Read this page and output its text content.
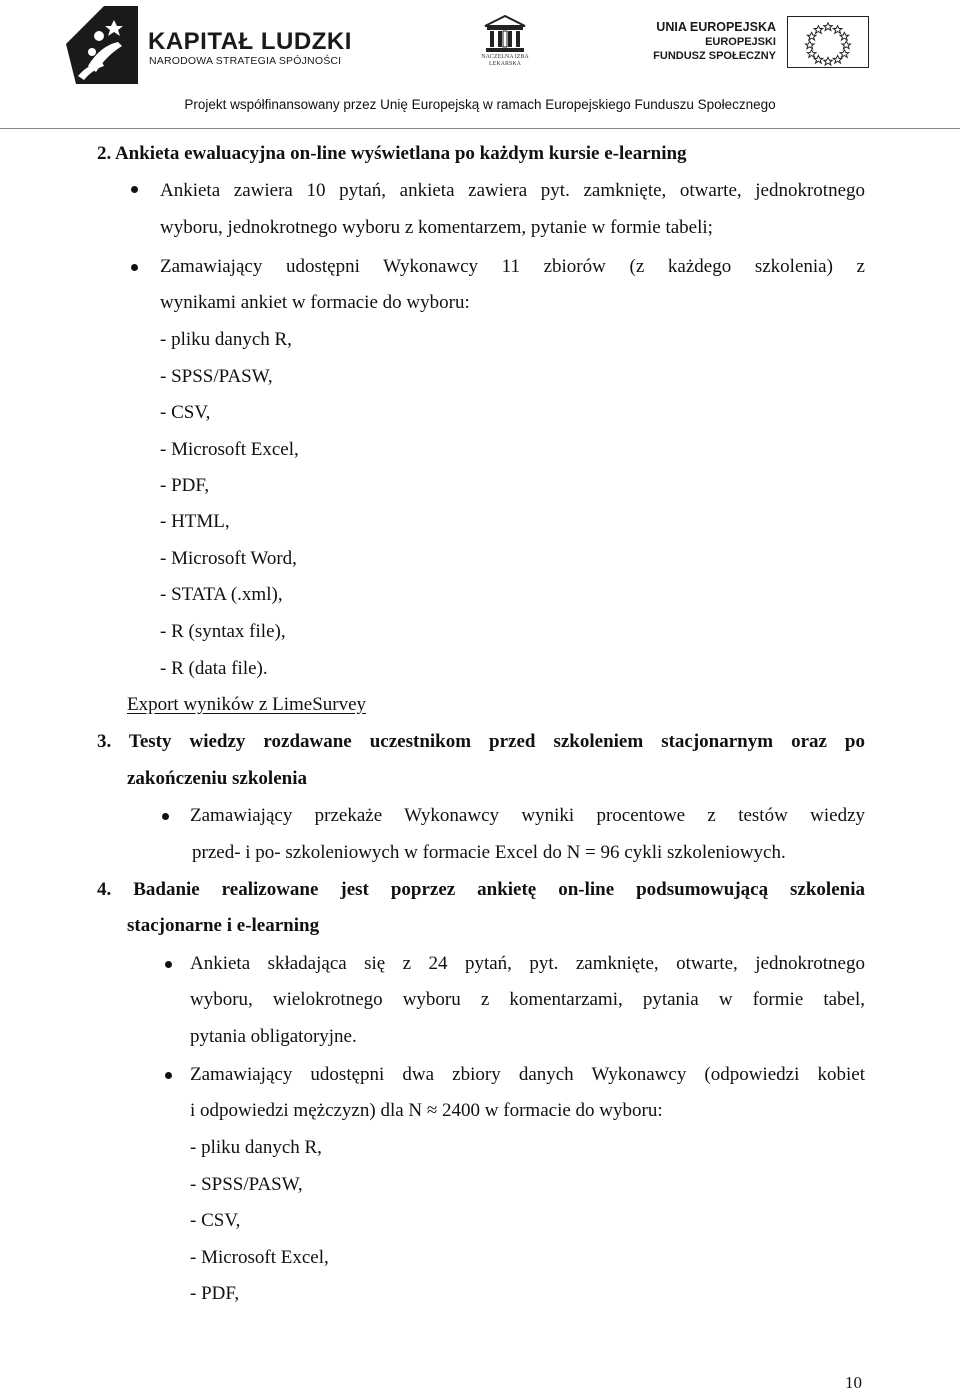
KAPITAŁ LUDZKI
NARODOWA STRATEGIA SPÓJNOŚCI	NACZELNA IZBA LEKARSKA
UNIA EUROPEJSKA
EUROPEJSKI
FUNDUSZ SPOŁECZNY
Projekt współfinansowany przez Unię Europejską w ramach Europejskiego Funduszu Społecznego
2. Ankieta ewaluacyjna on-line wyświetlana po każdym kursie e-learning
Ankieta zawiera 10 pytań, ankieta zawiera pyt. zamknięte, otwarte, jednokrotnego
wyboru, jednokrotnego wyboru z komentarzem, pytanie w formie tabeli;
Zamawiający udostępni Wykonawcy 11 zbiorów (z każdego szkolenia) z
wynikami ankiet w formacie do wyboru:
- pliku danych R,
- SPSS/PASW,
- CSV,
- Microsoft Excel,
- PDF,
- HTML,
- Microsoft Word,
- STATA (.xml),
- R (syntax file),
- R (data file).
Export wyników z LimeSurvey
3. Testy wiedzy rozdawane uczestnikom przed szkoleniem stacjonarnym oraz po
zakończeniu szkolenia
Zamawiający przekaże Wykonawcy wyniki procentowe z testów wiedzy
przed- i po- szkoleniowych w formacie Excel do N = 96 cykli szkoleniowych.
4. Badanie realizowane jest poprzez ankietę on-line podsumowującą szkolenia
stacjonarne i e-learning
Ankieta składająca się z 24 pytań, pyt. zamknięte, otwarte, jednokrotnego
wyboru, wielokrotnego wyboru z komentarzami, pytania w formie tabel,
pytania obligatoryjne.
Zamawiający udostępni dwa zbiory danych Wykonawcy (odpowiedzi kobiet
i odpowiedzi mężczyzn) dla N ≈ 2400 w formacie do wyboru:
- pliku danych R,
- SPSS/PASW,
- CSV,
- Microsoft Excel,
- PDF,
10
